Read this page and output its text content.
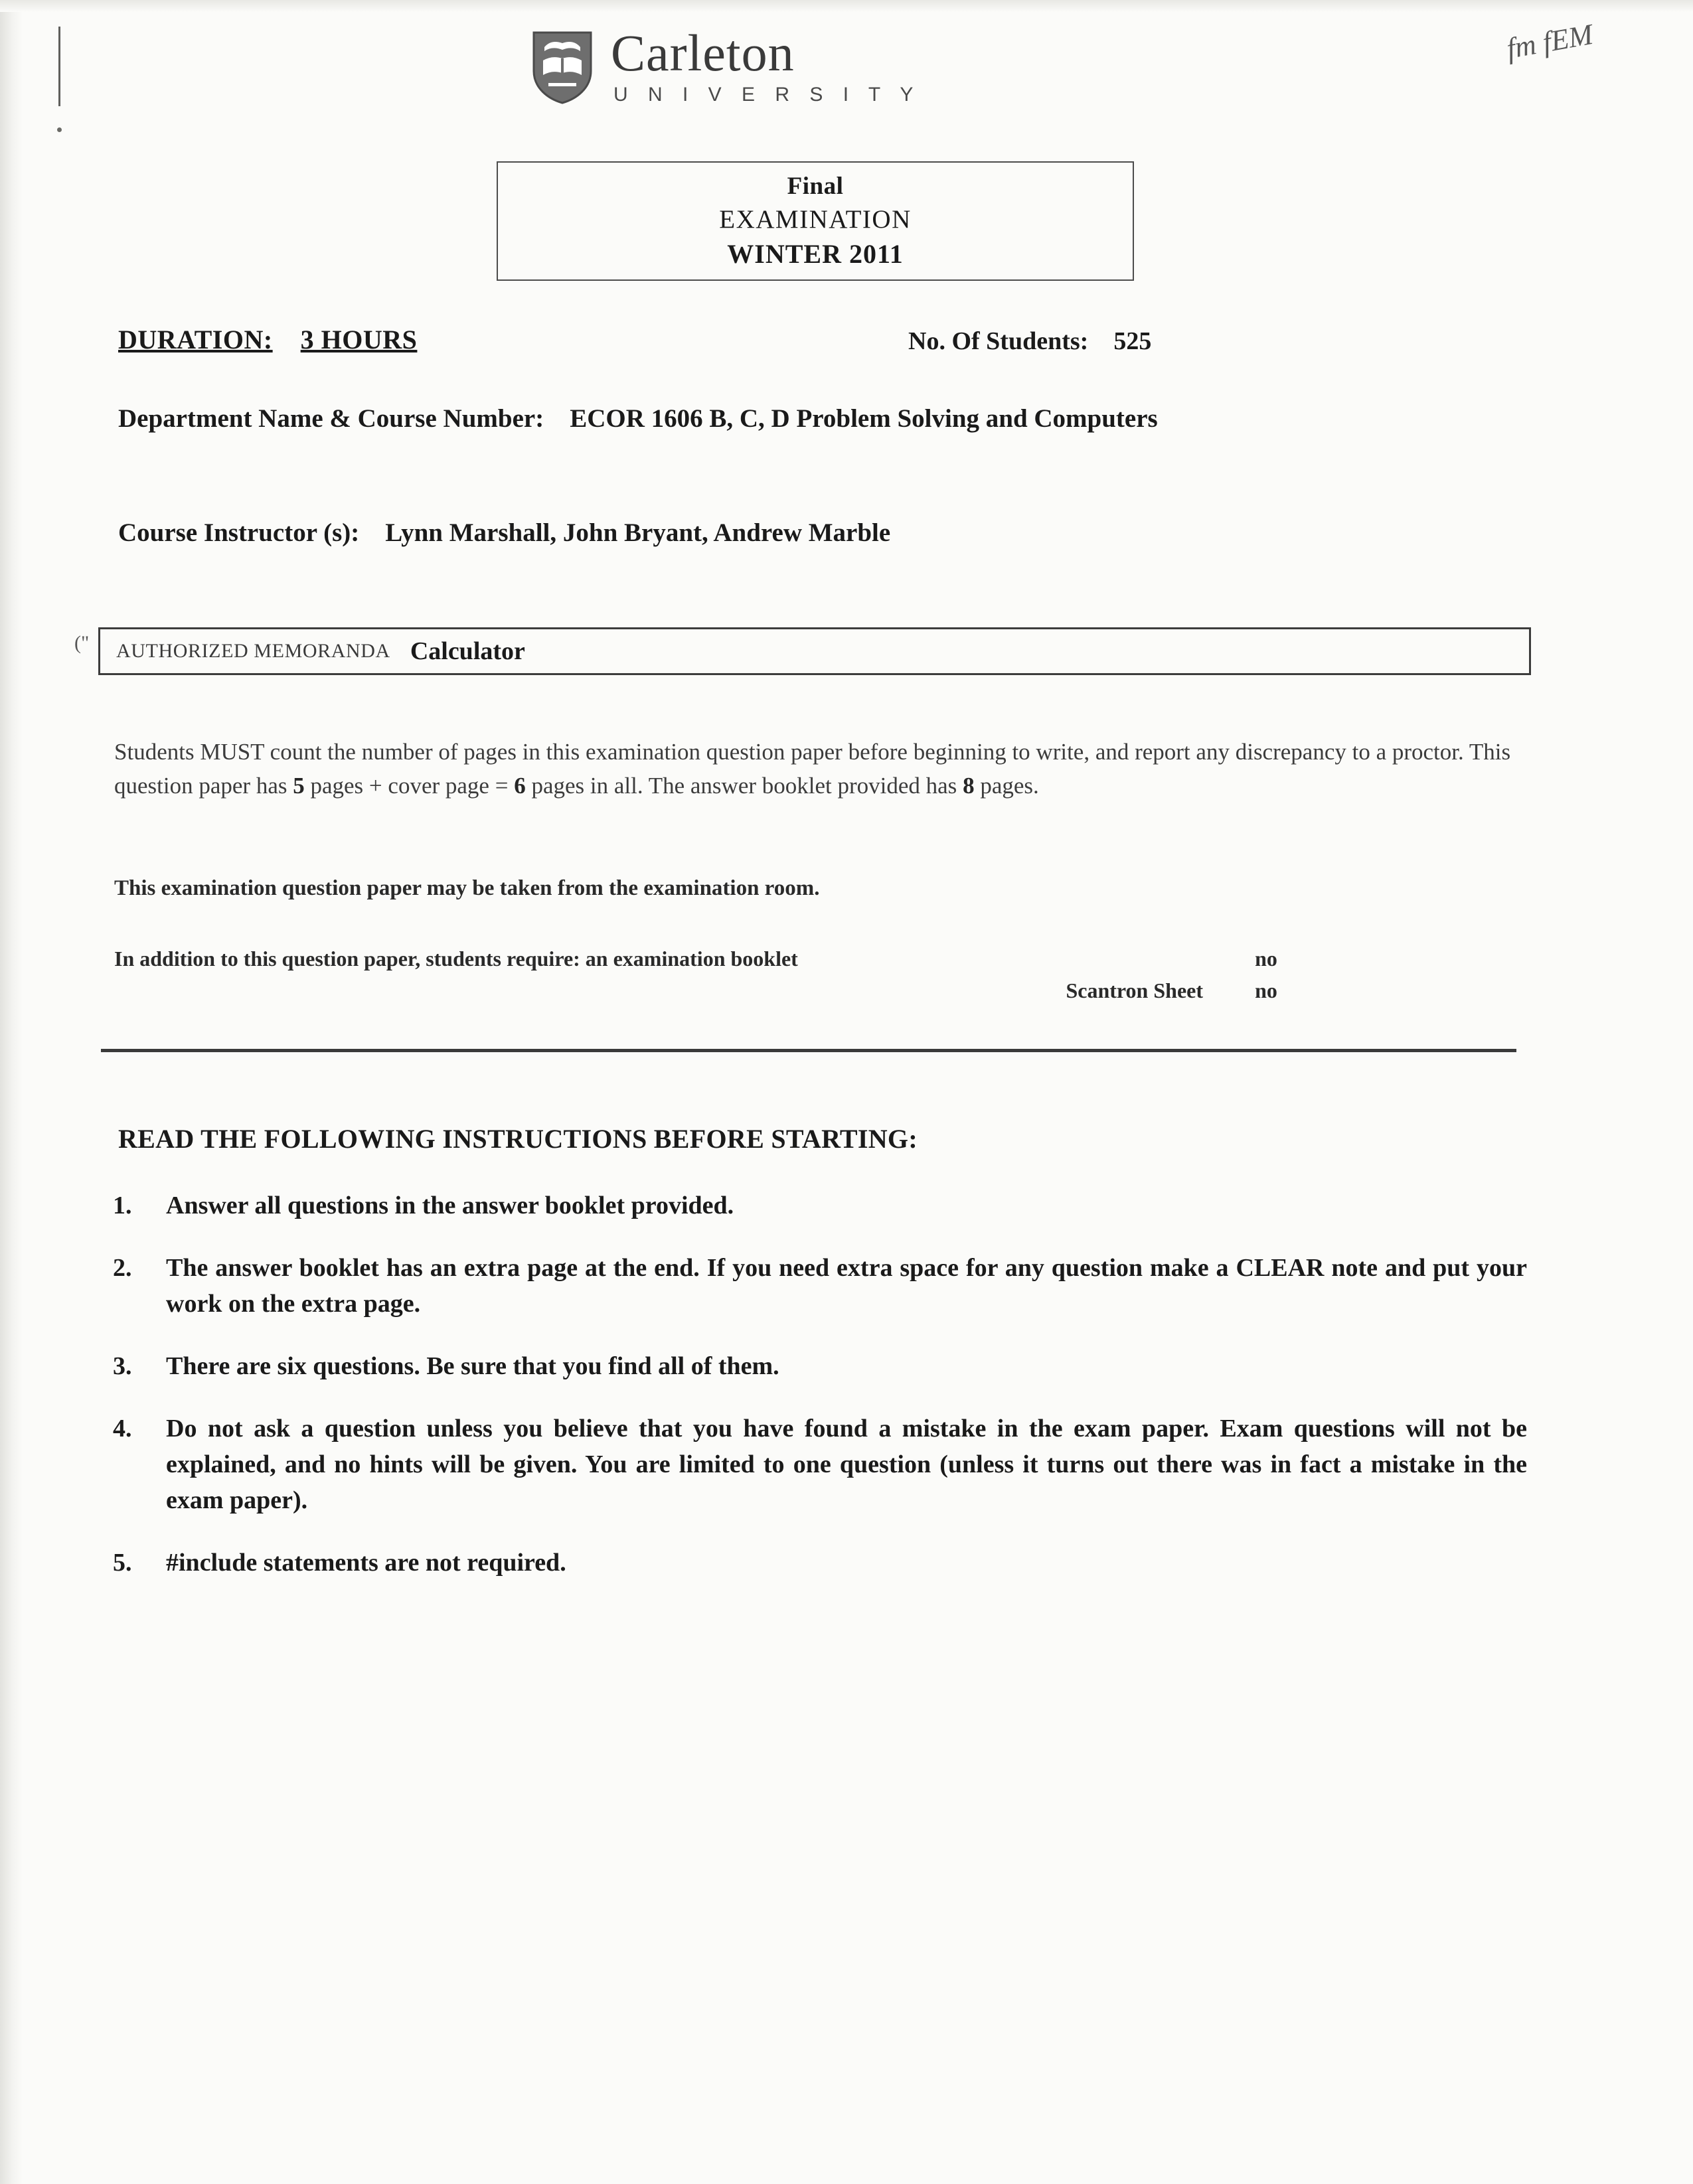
Carleton
U N I V E R S I T Y
fm fEM
Final
EXAMINATION
WINTER 2011
DURATION: 3 HOURS	No. Of Students: 525
Department Name & Course Number: ECOR 1606 B, C, D Problem Solving and Computers
Course Instructor (s): Lynn Marshall, John Bryant, Andrew Marble
(" AUTHORIZED MEMORANDA Calculator
Students MUST count the number of pages in this examination question paper before beginning to write, and report any discrepancy to a proctor. This question paper has 5 pages + cover page = 6 pages in all. The answer booklet provided has 8 pages.
This examination question paper may be taken from the examination room.
In addition to this question paper, students require: an examination booklet	no
Scantron Sheet	no
READ THE FOLLOWING INSTRUCTIONS BEFORE STARTING:
1.	Answer all questions in the answer booklet provided.
2.	The answer booklet has an extra page at the end. If you need extra space for any question make a CLEAR note and put your work on the extra page.
3.	There are six questions. Be sure that you find all of them.
4.	Do not ask a question unless you believe that you have found a mistake in the exam paper. Exam questions will not be explained, and no hints will be given. You are limited to one question (unless it turns out there was in fact a mistake in the exam paper).
5.	#include statements are not required.
